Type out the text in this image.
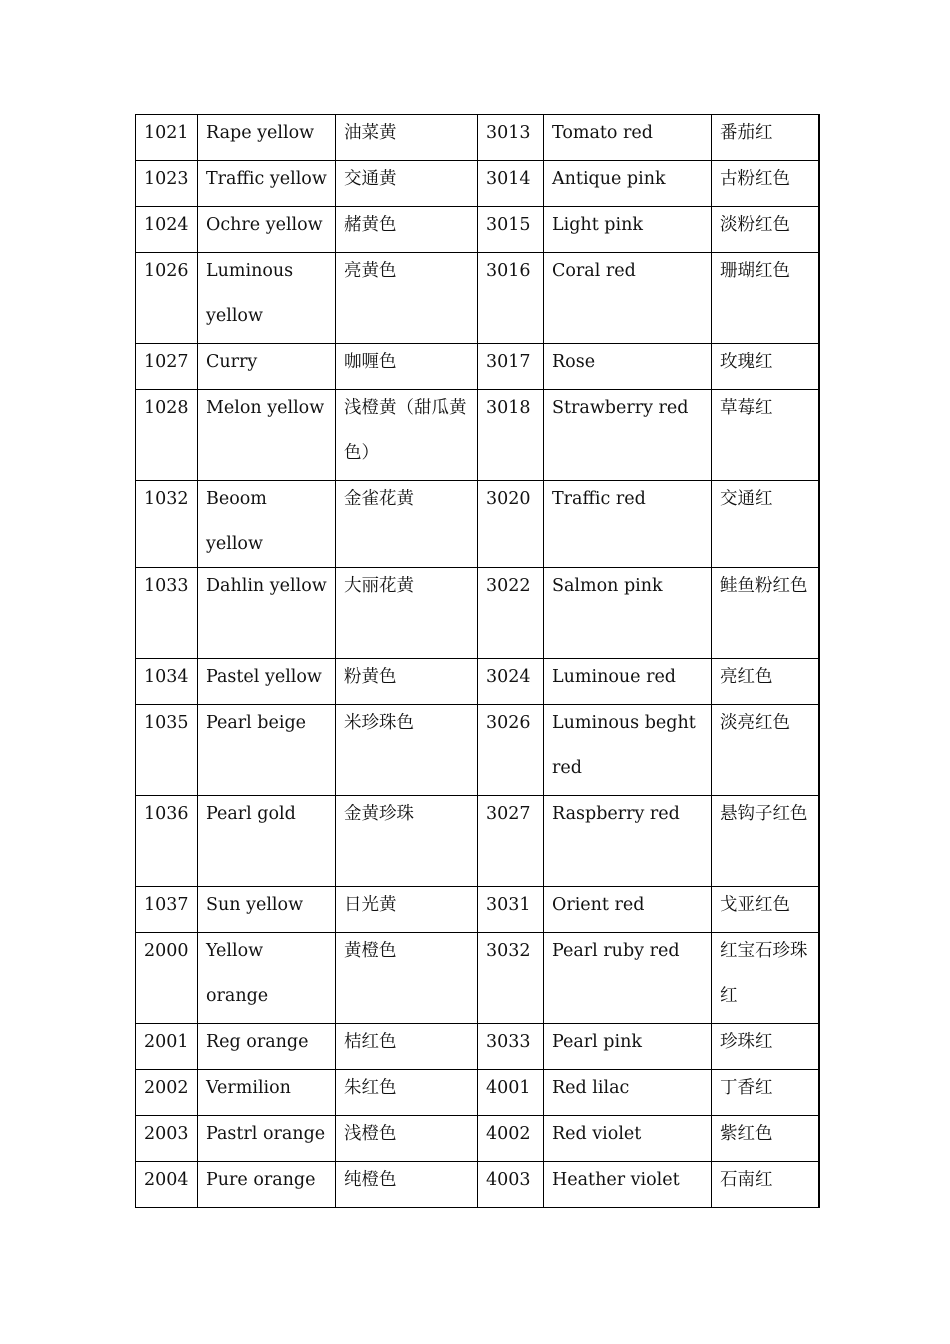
1021	Rape yellow	油菜黄	3013	Tomato red	番茄红

1023	Traffic yellow	交通黄	3014	Antique pink	古粉红色

1024	Ochre yellow	赭黄色	3015	Light pink	淡粉红色

1026	Luminous yellow	亮黄色	3016	Coral red	珊瑚红色

1027	Curry	咖喱色	3017	Rose	玫瑰红

1028	Melon yellow	浅橙黄（甜瓜黄色）	3018	Strawberry red	草莓红

1032	Beoom yellow	金雀花黄	3020	Traffic red	交通红

1033	Dahlin yellow	大丽花黄	3022	Salmon pink	鲑鱼粉红色

1034	Pastel yellow	粉黄色	3024	Luminoue red	亮红色

1035	Pearl beige	米珍珠色	3026	Luminous beght red	淡亮红色

1036	Pearl gold	金黄珍珠	3027	Raspberry red	悬钩子红色

1037	Sun yellow	日光黄	3031	Orient red	戈亚红色

2000	Yellow orange	黄橙色	3032	Pearl ruby red	红宝石珍珠红

2001	Reg orange	桔红色	3033	Pearl pink	珍珠红

2002	Vermilion	朱红色	4001	Red lilac	丁香红

2003	Pastrl orange	浅橙色	4002	Red violet	紫红色

2004	Pure orange	纯橙色	4003	Heather violet	石南红
